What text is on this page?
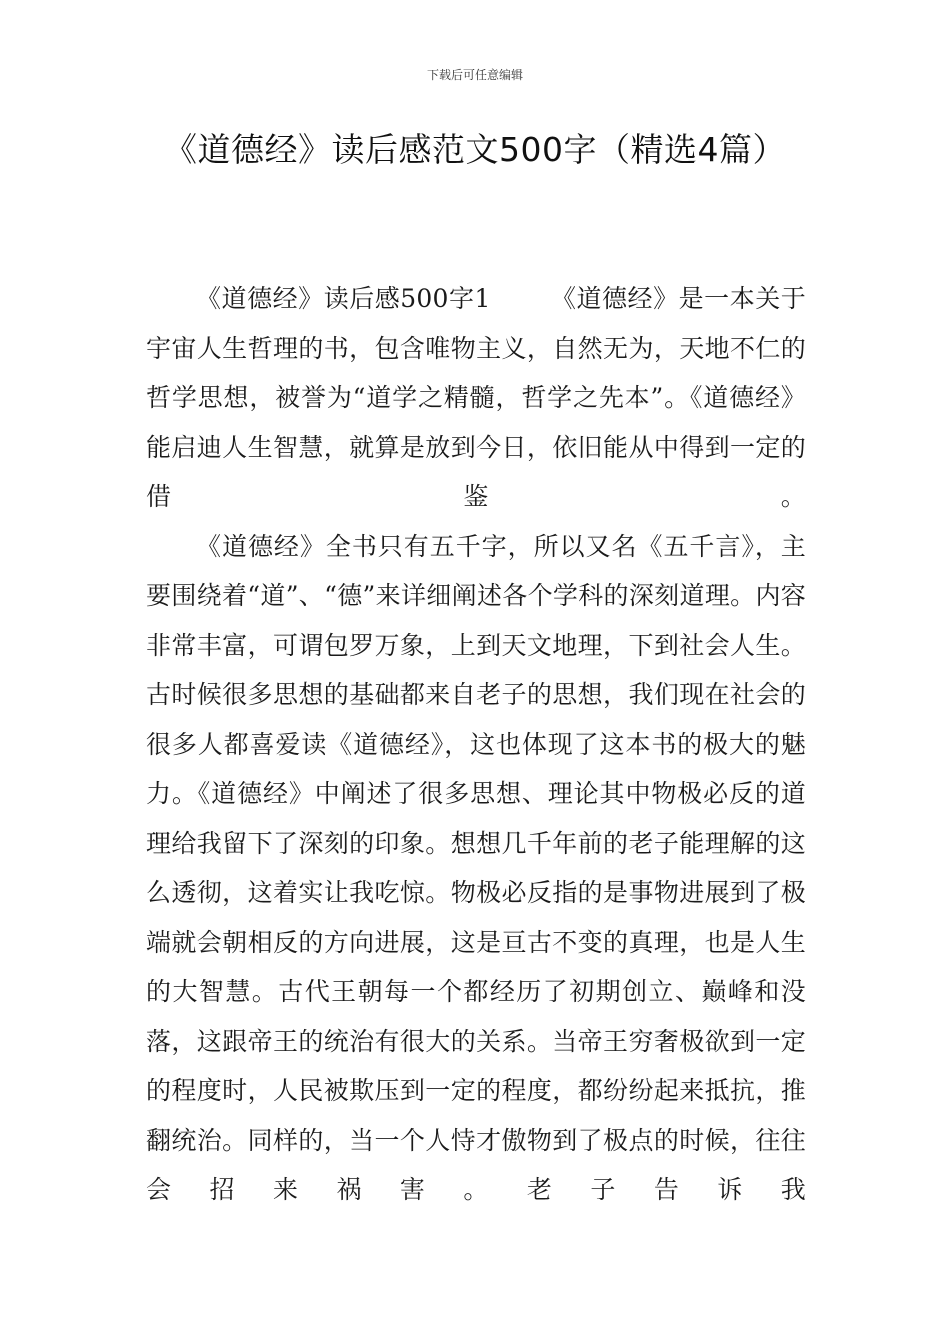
下载后可任意编辑
《道德经》读后感范文500字（精选4篇）

《道德经》读后感500字1 《道德经》是一本关于宇宙人生哲理的书，包含唯物主义，自然无为，天地不仁的哲学思想，被誉为“道学之精髓，哲学之先本”。《道德经》能启迪人生智慧，就算是放到今日，依旧能从中得到一定的借鉴。

《道德经》全书只有五千字，所以又名《五千言》，主要围绕着“道”、“德”来详细阐述各个学科的深刻道理。内容非常丰富，可谓包罗万象，上到天文地理，下到社会人生。古时候很多思想的基础都来自老子的思想，我们现在社会的很多人都喜爱读《道德经》，这也体现了这本书的极大的魅力。《道德经》中阐述了很多思想、理论其中物极必反的道理给我留下了深刻的印象。想想几千年前的老子能理解的这么透彻，这着实让我吃惊。物极必反指的是事物进展到了极端就会朝相反的方向进展，这是亘古不变的真理，也是人生的大智慧。古代王朝每一个都经历了初期创立、巅峰和没落，这跟帝王的统治有很大的关系。当帝王穷奢极欲到一定的程度时，人民被欺压到一定的程度，都纷纷起来抵抗，推翻统治。同样的，当一个人恃才傲物到了极点的时候，往往会招来祸害。老子告诉我
